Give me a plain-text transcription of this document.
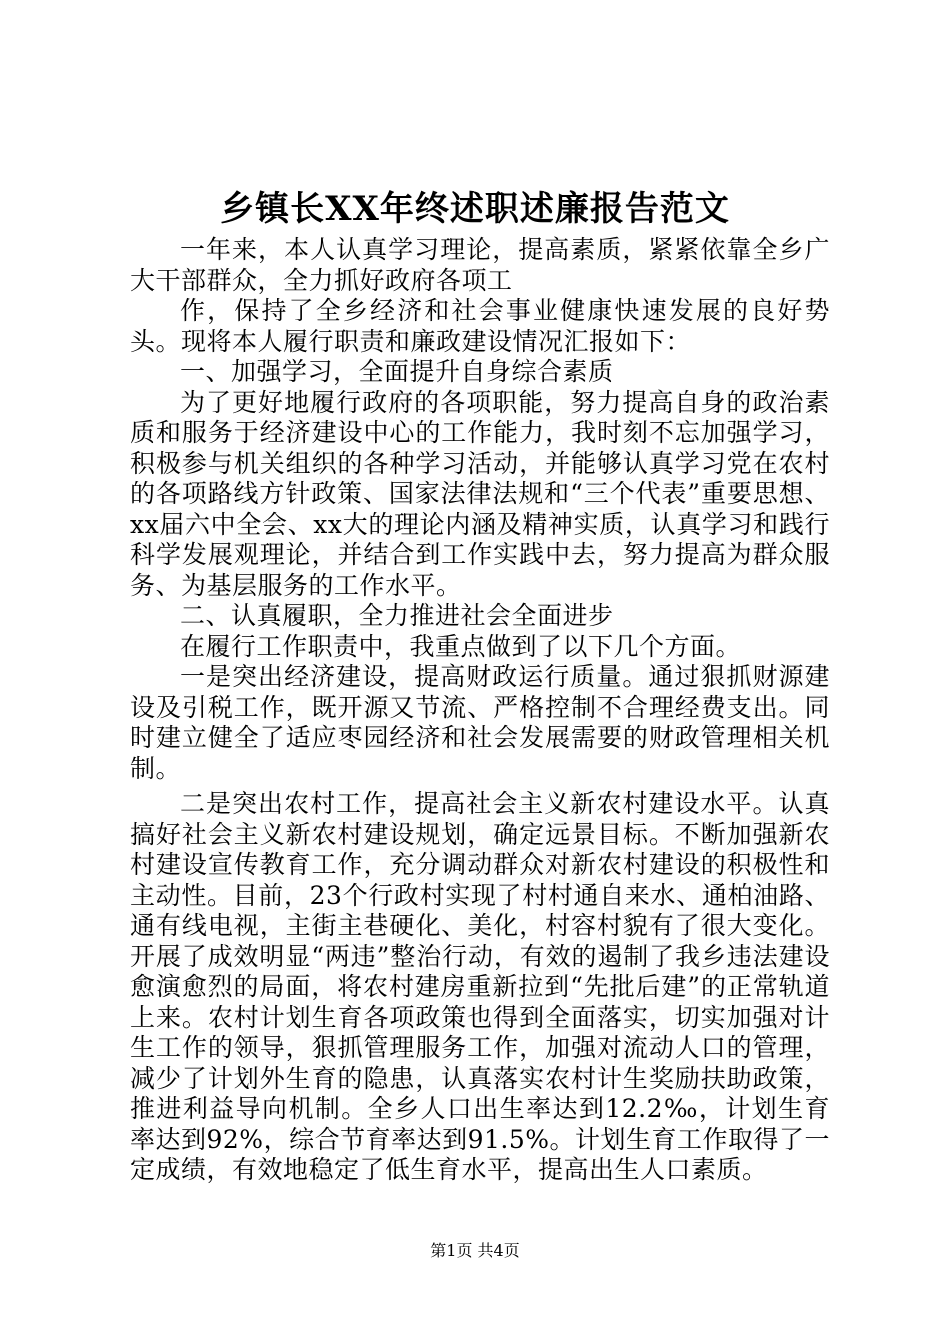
乡镇长XX年终述职述廉报告范文

一年来，本人认真学习理论，提高素质，紧紧依靠全乡广大干部群众，全力抓好政府各项工

作，保持了全乡经济和社会事业健康快速发展的良好势头。现将本人履行职责和廉政建设情况汇报如下：

一、加强学习，全面提升自身综合素质

为了更好地履行政府的各项职能，努力提高自身的政治素质和服务于经济建设中心的工作能力，我时刻不忘加强学习，积极参与机关组织的各种学习活动，并能够认真学习党在农村的各项路线方针政策、国家法律法规和“三个代表”重要思想、xx届六中全会、xx大的理论内涵及精神实质，认真学习和践行科学发展观理论，并结合到工作实践中去，努力提高为群众服务、为基层服务的工作水平。

二、认真履职，全力推进社会全面进步

在履行工作职责中，我重点做到了以下几个方面。

一是突出经济建设，提高财政运行质量。通过狠抓财源建设及引税工作，既开源又节流、严格控制不合理经费支出。同时建立健全了适应枣园经济和社会发展需要的财政管理相关机制。

二是突出农村工作，提高社会主义新农村建设水平。认真搞好社会主义新农村建设规划，确定远景目标。不断加强新农村建设宣传教育工作，充分调动群众对新农村建设的积极性和主动性。目前，23个行政村实现了村村通自来水、通柏油路、通有线电视，主街主巷硬化、美化，村容村貌有了很大变化。开展了成效明显“两违”整治行动，有效的遏制了我乡违法建设愈演愈烈的局面，将农村建房重新拉到“先批后建”的正常轨道上来。农村计划生育各项政策也得到全面落实，切实加强对计生工作的领导，狠抓管理服务工作，加强对流动人口的管理，减少了计划外生育的隐患，认真落实农村计生奖励扶助政策，推进利益导向机制。全乡人口出生率达到12.2‰，计划生育率达到92%，综合节育率达到91.5%。计划生育工作取得了一定成绩，有效地稳定了低生育水平，提高出生人口素质。

第1页 共4页
